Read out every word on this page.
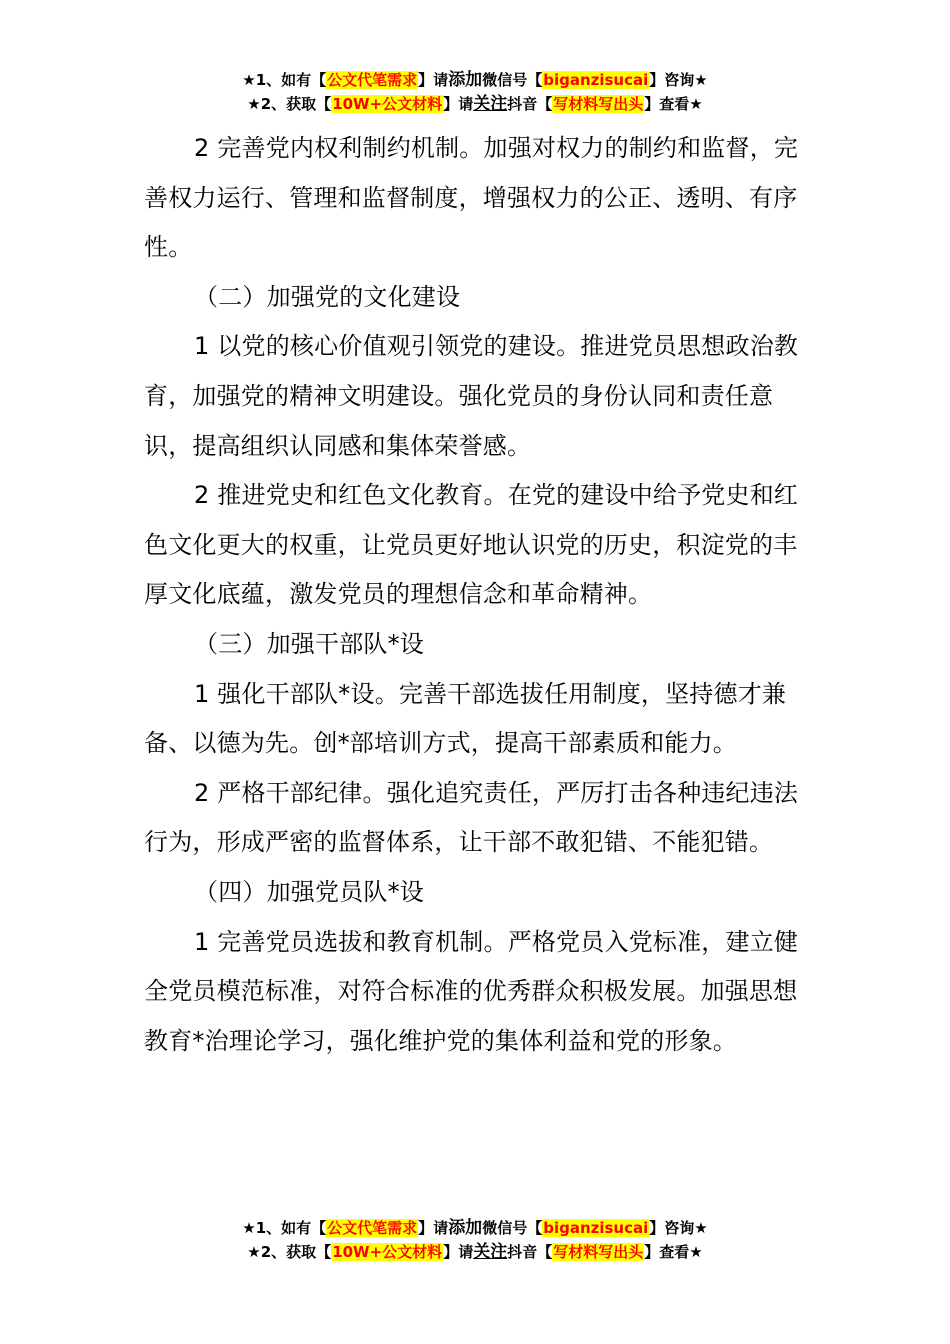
★1、如有【公文代笔需求】请添加微信号【biganzisucai】咨询★
★2、获取【10W+公文材料】请关注抖音【写材料写出头】查看★

2 完善党内权利制约机制。加强对权力的制约和监督，完善权力运行、管理和监督制度，增强权力的公正、透明、有序性。

（二）加强党的文化建设

1 以党的核心价值观引领党的建设。推进党员思想政治教育，加强党的精神文明建设。强化党员的身份认同和责任意识，提高组织认同感和集体荣誉感。

2 推进党史和红色文化教育。在党的建设中给予党史和红色文化更大的权重，让党员更好地认识党的历史，积淀党的丰厚文化底蕴，激发党员的理想信念和革命精神。

（三）加强干部队*设

1 强化干部队*设。完善干部选拔任用制度，坚持德才兼备、以德为先。创*部培训方式，提高干部素质和能力。

2 严格干部纪律。强化追究责任，严厉打击各种违纪违法行为，形成严密的监督体系，让干部不敢犯错、不能犯错。

（四）加强党员队*设

1 完善党员选拔和教育机制。严格党员入党标准，建立健全党员模范标准，对符合标准的优秀群众积极发展。加强思想教育*治理论学习，强化维护党的集体利益和党的形象。

★1、如有【公文代笔需求】请添加微信号【biganzisucai】咨询★
★2、获取【10W+公文材料】请关注抖音【写材料写出头】查看★
